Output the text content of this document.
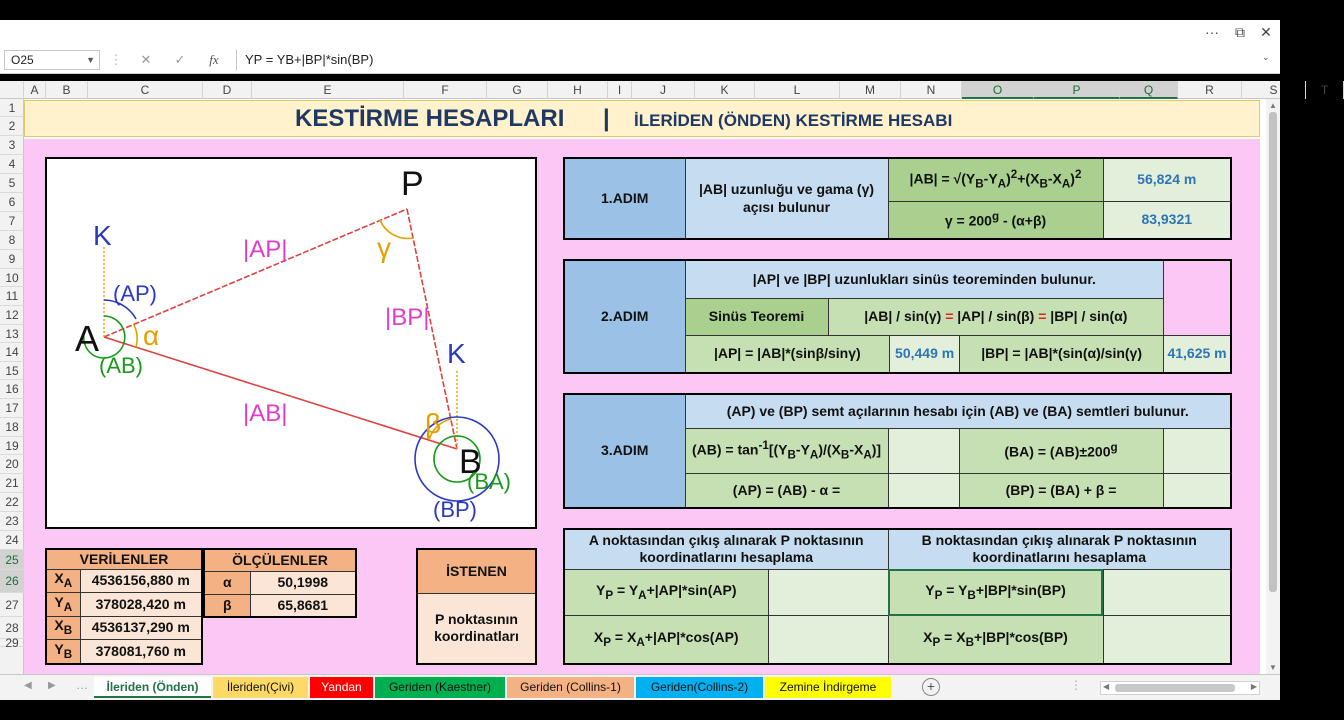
···	⧉	✕
O25	▼ ⋮	✕	✓	fx	YP = YB+|BP|*sin(BP)	⌄
A	B	C	D	E	F	G	H	I	J	K	L	M	N	O	P	Q	R	S	T
1
2
3
4
5
6
7
8
9
10
11
12
13
14
15
16
17
18
19
20
21
22
23
24
25
26
27
28
29
KESTİRME HESAPLARI | İLERİDEN (ÖNDEN) KESTİRME HESABI
▲
▼
P
A
B
K
K
|AP|
|BP|
|AB|
α
γ
β
(AP)
(AB)
(BA)
(BP)
1.ADIM	|AB| uzunluğu ve gama (γ) açısı bulunur	$|AB| = √(Y_B-Y_A)^2+(X_B-X_A)^2$	56,824 m
		$\gamma = 200^g - (\alpha+\beta)$	83,9321
2.ADIM	|AP| ve |BP| uzunlukları sinüs teoreminden bulunur.				
	Sinüs Teoremi	|AB| / sin(γ) = |AP| / sin(β) = |BP| / sin(α)			
	|AP| = |AB|*(sinβ/sinγ)		50,449 m	|BP| = |AB|*(sin(α)/sin(γ)	41,625 m
3.ADIM	(AP) ve (BP) semt açılarının hesabı için (AB) ve (BA) semtleri bulunur.			
	$(AB) = \tan^{-1}[(Y_B-Y_A)/(X_B-X_A)]$		$(BA) = (AB)\pm 200^g$	
	(AP) = (AB) - α =		(BP) = (BA) + β =	
A noktasından çıkış alınarak P noktasının koordinatlarını hesaplama		B noktasından çıkış alınarak P noktasının koordinatlarını hesaplama	
$Y_P = Y_A+|AP|*\sin(AP)$		$Y_P = Y_B+|BP|*\sin(BP)$	
$X_P = X_A+|AP|*\cos(AP)$		$X_P = X_B+|BP|*\cos(BP)$	
VERİLENLER	
$X_A$	4536156,880 m
$Y_A$	378028,420 m
$X_B$	4536137,290 m
$Y_B$	378081,760 m
ÖLÇÜLENLER	
α	50,1998
β	65,8681
İSTENEN
P noktasının koordinatları
◀ ▶ …	İleriden (Önden)	İleriden(Çivi)	Yandan	Geriden (Kaestner)	Geriden (Collins-1)	Geriden(Collins-2)	Zemine İndirgeme	+	⋮	◀	▶
